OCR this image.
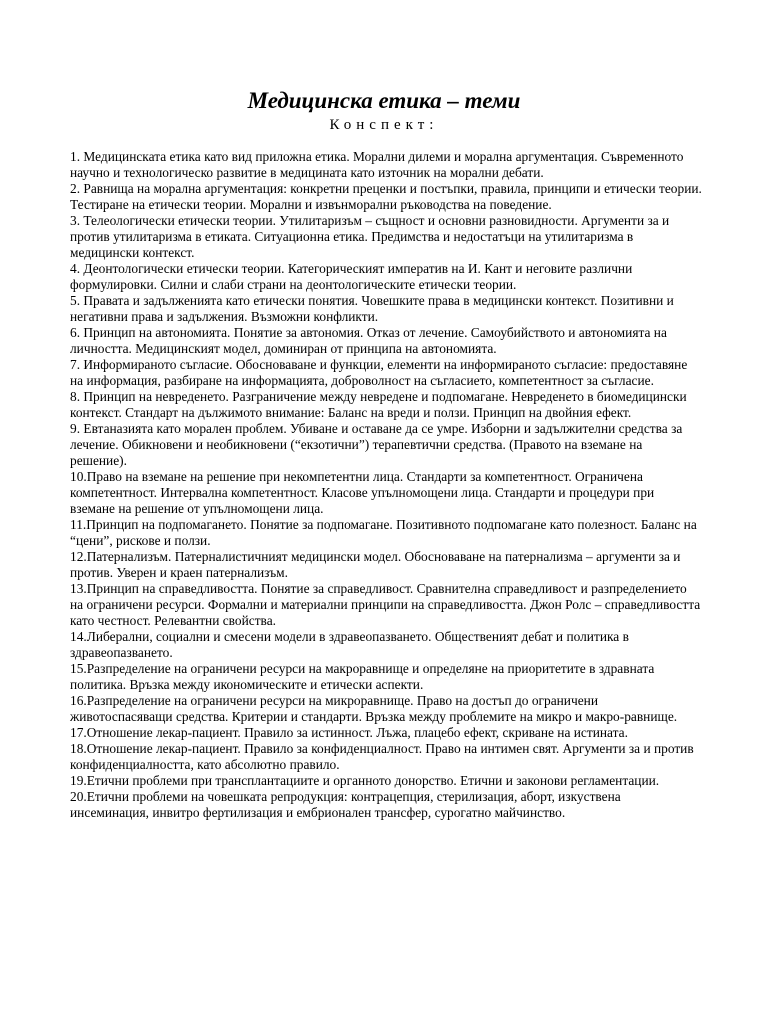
Медицинска етика – теми

Конспект:

1. Медицинската етика като вид приложна етика. Морални дилеми и морална аргументация. Съвременното научно и технологическо развитие в медицината като източник на морални дебати.
2. Равнища на морална аргументация: конкретни преценки и постъпки, правила, принципи и етически теории. Тестиране на етически теории. Морални и извънморални ръководства на поведение.
3. Телеологически етически теории. Утилитаризъм – същност и основни разновидности. Аргументи за и против утилитаризма в етиката. Ситуационна етика. Предимства и недостатъци на утилитаризма в медицински контекст.
4. Деонтологически етически теории. Категорическият императив на И. Кант и неговите различни формулировки. Силни и слаби страни на деонтологическите етически теории.
5. Правата и задълженията като етически понятия. Човешките права в медицински контекст. Позитивни и негативни права и задължения. Възможни конфликти.
6. Принцип на автономията. Понятие за автономия. Отказ от лечение. Самоубийството и автономията на личността. Медицинският модел, доминиран от принципа на автономията.
7. Информираното съгласие. Обосноваване и функции, елементи на информираното съгласие: предоставяне на информация, разбиране на информацията, доброволност на съгласието, компетентност за съгласие.
8. Принцип на невреденето. Разграничение между невредене и подпомагане. Невреденето в биомедицински контекст. Стандарт на дължимото внимание: Баланс на вреди и ползи. Принцип на двойния ефект.
9. Евтаназията като морален проблем. Убиване и оставане да се умре. Изборни и задължителни средства за лечение. Обикновени и необикновени (“екзотични”) терапевтични средства. (Правото на вземане на решение).
10.Право на вземане на решение при некомпетентни лица. Стандарти за компетентност. Ограничена компетентност. Интервална компетентност. Класове упълномощени лица. Стандарти и процедури при вземане на решение от упълномощени лица.
11.Принцип на подпомагането. Понятие за подпомагане. Позитивното подпомагане като полезност. Баланс на “цени”, рискове и ползи.
12.Патернализъм. Патерналистичният медицински модел. Обосноваване на патернализма – аргументи за и против. Уверен и краен патернализъм.
13.Принцип на справедливостта. Понятие за справедливост. Сравнителна справедливост и разпределението на ограничени ресурси. Формални и материални принципи на справедливостта. Джон Ролс – справедливостта като честност. Релевантни свойства.
14.Либерални, социални и смесени модели в здравеопазването. Общественият дебат и политика в здравеопазването.
15.Разпределение на ограничени ресурси на макроравнище и определяне на приоритетите в здравната политика. Връзка между икономическите и етически аспекти.
16.Разпределение на ограничени ресурси на микроравнище. Право на достъп до ограничени животоспасяващи средства. Критерии и стандарти. Връзка между проблемите на микро и макро-равнище.
17.Отношение лекар-пациент. Правило за истинност. Лъжа, плацебо ефект, скриване на истината.
18.Отношение лекар-пациент. Правило за конфиденциалност. Право на интимен свят. Аргументи за и против конфиденциалността, като абсолютно правило.
19.Етични проблеми при трансплантациите и органното донорство. Етични и законови регламентации.
20.Етични проблеми на човешката репродукция: контрацепция, стерилизация, аборт, изкуствена инсеминация, инвитро фертилизация и ембрионален трансфер, сурогатно майчинство.
